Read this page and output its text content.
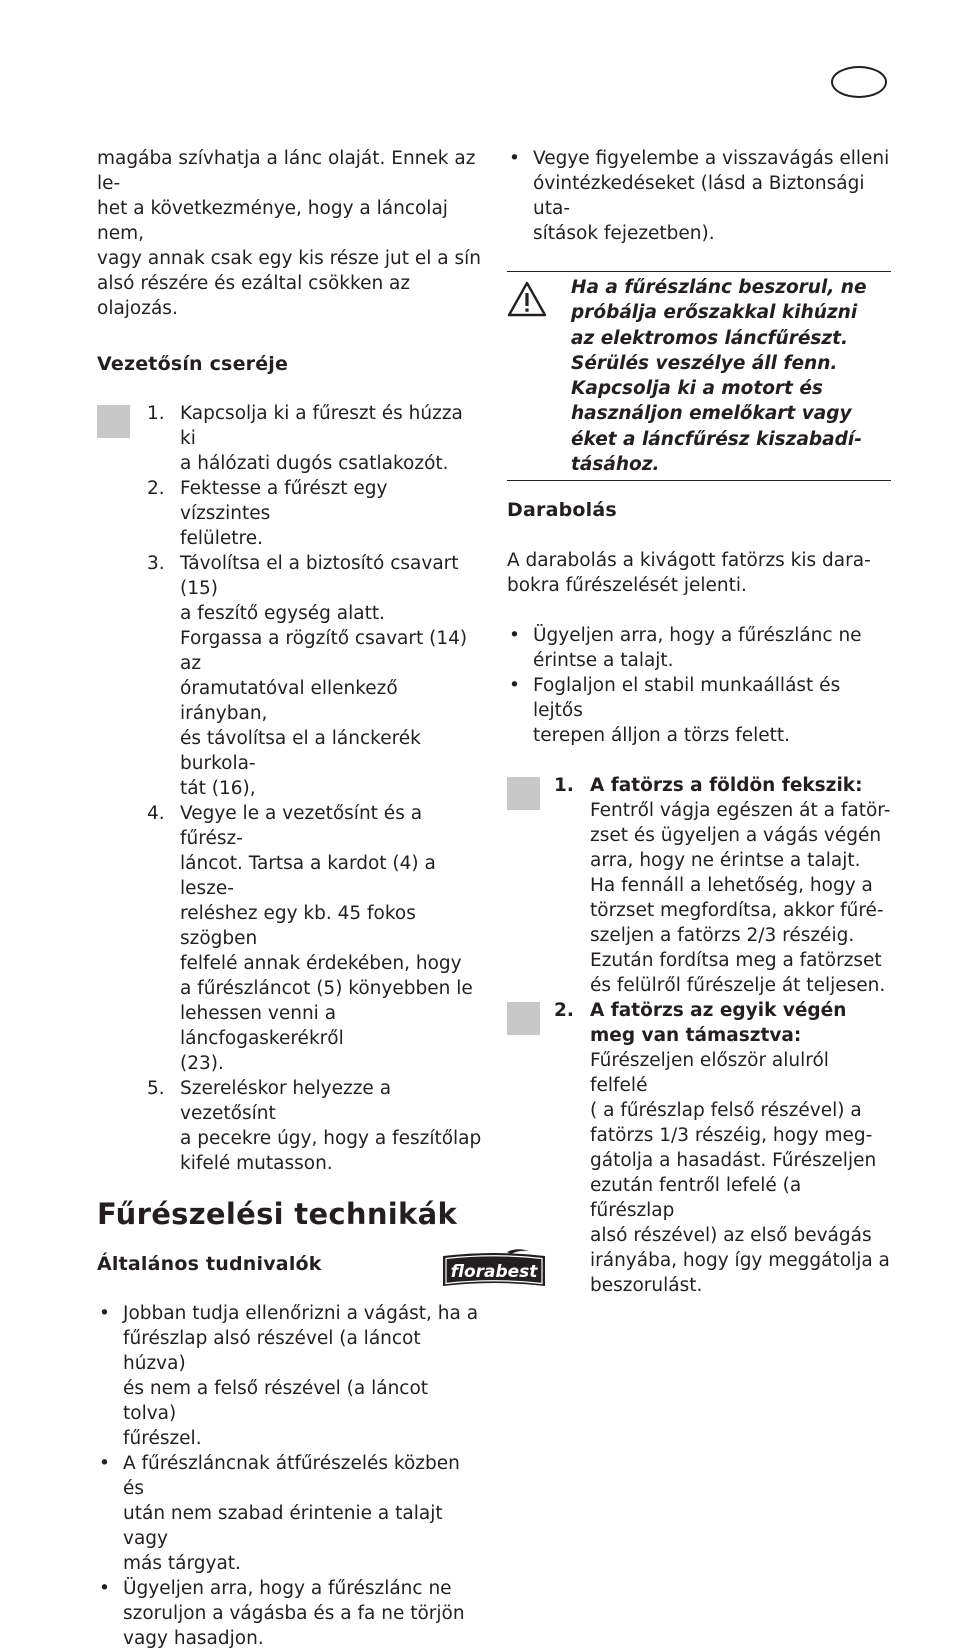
magába szívhatja a lánc olaját. Ennek az le-

het a következménye, hogy a láncolaj nem,

vagy annak csak egy kis része jut el a sín

alsó részére és ezáltal csökken az olajozás.

Vezetősín cseréje

1. Kapcsolja ki a fűreszt és húzza ki

a hálózati dugós csatlakozót.

2. Fektesse a fűrészt egy vízszintes

felületre.

3. Távolítsa el a biztosító csavart (15)

a feszítő egység alatt.

Forgassa a rögzítő csavart (14) az

óramutatóval ellenkező irányban,

és távolítsa el a lánckerék burkola-

tát (16),

4. Vegye le a vezetősínt és a fűrész-

láncot. Tartsa a kardot (4) a lesze-

reléshez egy kb. 45 fokos szögben

felfelé annak érdekében, hogy

a fűrészláncot (5) könyebben le

lehessen venni a láncfogaskerékről

(23).

5. Szereléskor helyezze a vezetősínt

a pecekre úgy, hogy a feszítőlap

kifelé mutasson.

Fűrészelési technikák

Általános tudnivalók

• Jobban tudja ellenőrizni a vágást, ha a

fűrészlap alsó részével (a láncot húzva)

és nem a felső részével (a láncot tolva)

fűrészel.

• A fűrészláncnak átfűrészelés közben és

után nem szabad érintenie a talajt vagy

más tárgyat.

• Ügyeljen arra, hogy a fűrészlánc ne

szoruljon a vágásba és a fa ne törjön

vagy hasadjon.

• Vegye figyelembe a visszavágás elleni

óvintézkedéseket (lásd a Biztonsági uta-

sítások fejezetben).

Ha a fűrészlánc beszorul, ne

próbálja erőszakkal kihúzni

az elektromos láncfűrészt.

Sérülés veszélye áll fenn.

Kapcsolja ki a motort és

használjon emelőkart vagy

éket a láncfűrész kiszabadí-

tásához.

Darabolás

A darabolás a kivágott fatörzs kis dara-

bokra fűrészelését jelenti.

• Ügyeljen arra, hogy a fűrészlánc ne

érintse a talajt.

• Foglaljon el stabil munkaállást és lejtős

terepen álljon a törzs felett.

1. A fatörzs a földön fekszik:

Fentről vágja egészen át a fatör-

zset és ügyeljen a vágás végén

arra, hogy ne érintse a talajt.

Ha fennáll a lehetőség, hogy a

törzset megfordítsa, akkor fűré-

szeljen a fatörzs 2/3 részéig.

Ezután fordítsa meg a fatörzset

és felülről fűrészelje át teljesen.

2. A fatörzs az egyik végén

meg van támasztva:

Fűrészeljen először alulról felfelé

( a fűrészlap felső részével) a

fatörzs 1/3 részéig, hogy meg-

gátolja a hasadást. Fűrészeljen

ezután fentről lefelé (a fűrészlap

alsó részével) az első bevágás

irányába, hogy így meggátolja a

beszorulást.

florabest
